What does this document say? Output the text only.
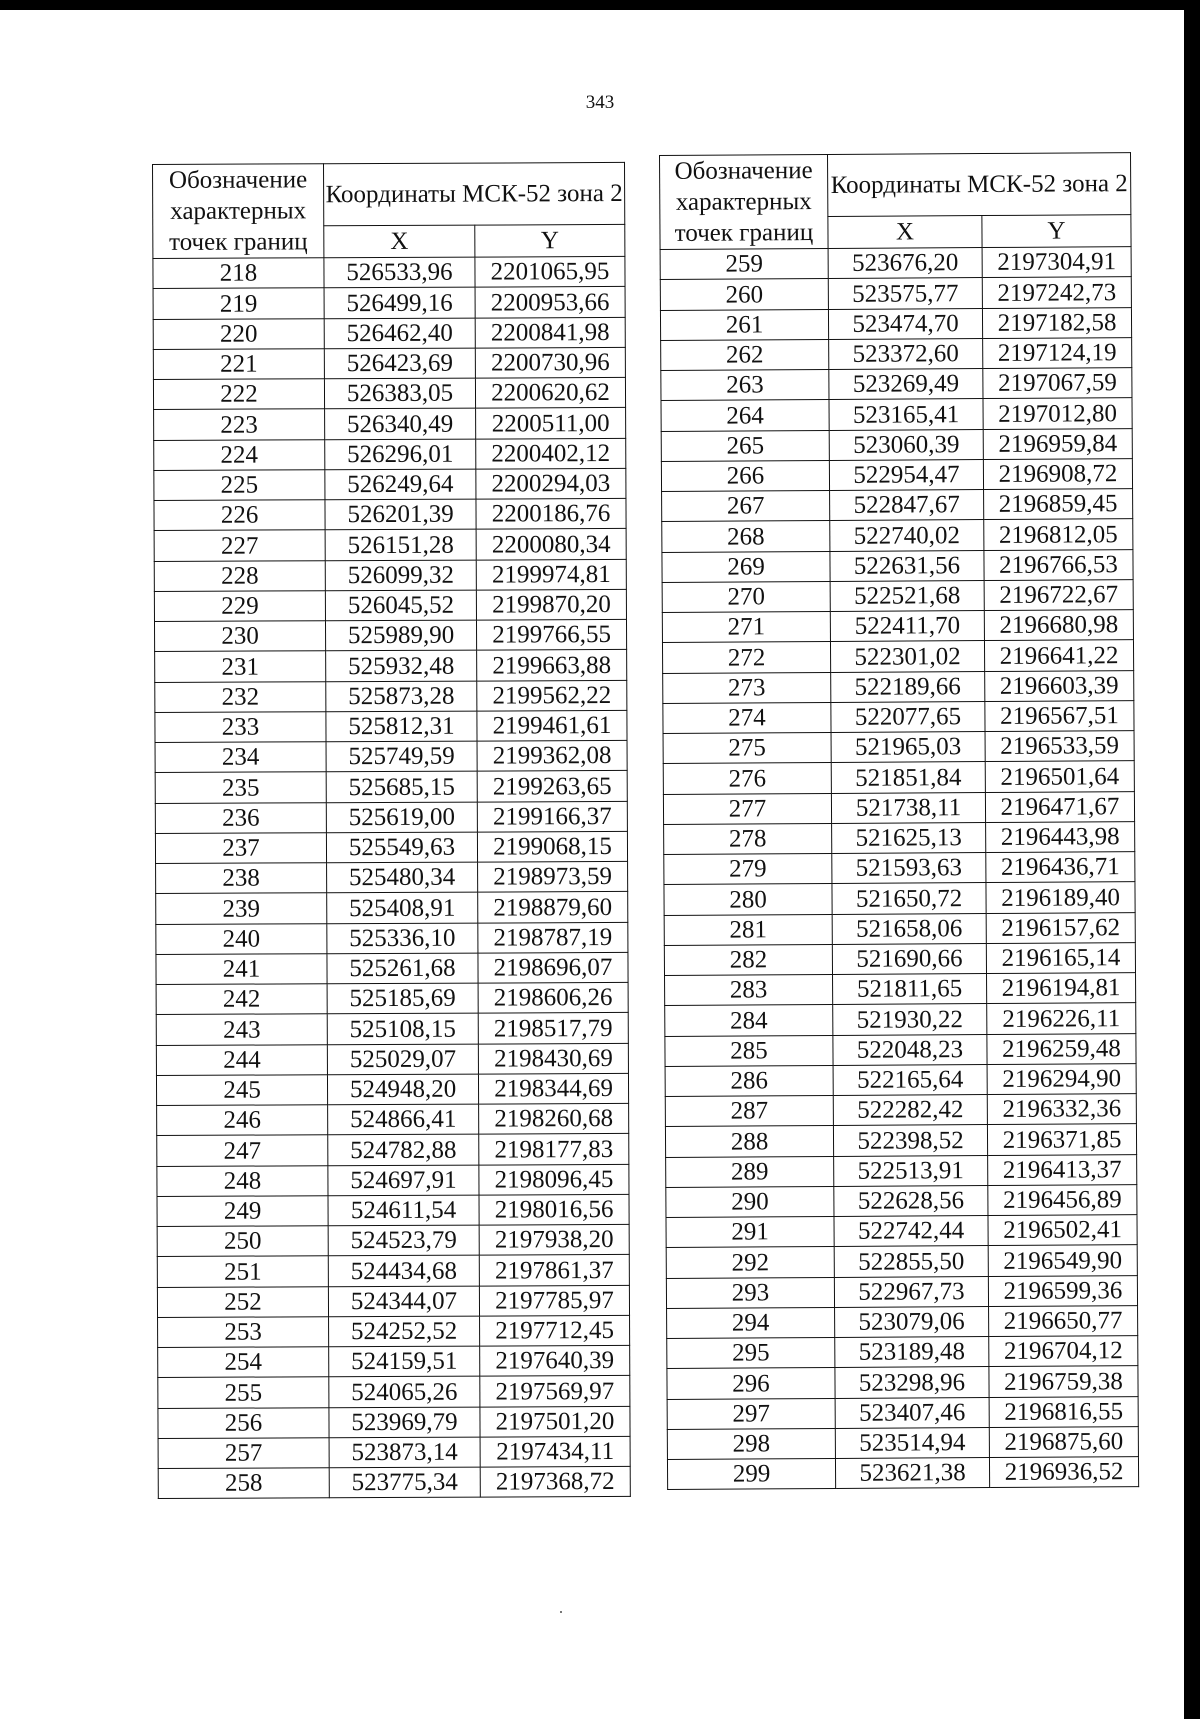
343
Обозначение характерных точек границ	Координаты МСК-52 зона 2	
	X	Y
218	526533,96	2201065,95
219	526499,16	2200953,66
220	526462,40	2200841,98
221	526423,69	2200730,96
222	526383,05	2200620,62
223	526340,49	2200511,00
224	526296,01	2200402,12
225	526249,64	2200294,03
226	526201,39	2200186,76
227	526151,28	2200080,34
228	526099,32	2199974,81
229	526045,52	2199870,20
230	525989,90	2199766,55
231	525932,48	2199663,88
232	525873,28	2199562,22
233	525812,31	2199461,61
234	525749,59	2199362,08
235	525685,15	2199263,65
236	525619,00	2199166,37
237	525549,63	2199068,15
238	525480,34	2198973,59
239	525408,91	2198879,60
240	525336,10	2198787,19
241	525261,68	2198696,07
242	525185,69	2198606,26
243	525108,15	2198517,79
244	525029,07	2198430,69
245	524948,20	2198344,69
246	524866,41	2198260,68
247	524782,88	2198177,83
248	524697,91	2198096,45
249	524611,54	2198016,56
250	524523,79	2197938,20
251	524434,68	2197861,37
252	524344,07	2197785,97
253	524252,52	2197712,45
254	524159,51	2197640,39
255	524065,26	2197569,97
256	523969,79	2197501,20
257	523873,14	2197434,11
258	523775,34	2197368,72
Обозначение характерных точек границ	Координаты МСК-52 зона 2	
	X	Y
259	523676,20	2197304,91
260	523575,77	2197242,73
261	523474,70	2197182,58
262	523372,60	2197124,19
263	523269,49	2197067,59
264	523165,41	2197012,80
265	523060,39	2196959,84
266	522954,47	2196908,72
267	522847,67	2196859,45
268	522740,02	2196812,05
269	522631,56	2196766,53
270	522521,68	2196722,67
271	522411,70	2196680,98
272	522301,02	2196641,22
273	522189,66	2196603,39
274	522077,65	2196567,51
275	521965,03	2196533,59
276	521851,84	2196501,64
277	521738,11	2196471,67
278	521625,13	2196443,98
279	521593,63	2196436,71
280	521650,72	2196189,40
281	521658,06	2196157,62
282	521690,66	2196165,14
283	521811,65	2196194,81
284	521930,22	2196226,11
285	522048,23	2196259,48
286	522165,64	2196294,90
287	522282,42	2196332,36
288	522398,52	2196371,85
289	522513,91	2196413,37
290	522628,56	2196456,89
291	522742,44	2196502,41
292	522855,50	2196549,90
293	522967,73	2196599,36
294	523079,06	2196650,77
295	523189,48	2196704,12
296	523298,96	2196759,38
297	523407,46	2196816,55
298	523514,94	2196875,60
299	523621,38	2196936,52
